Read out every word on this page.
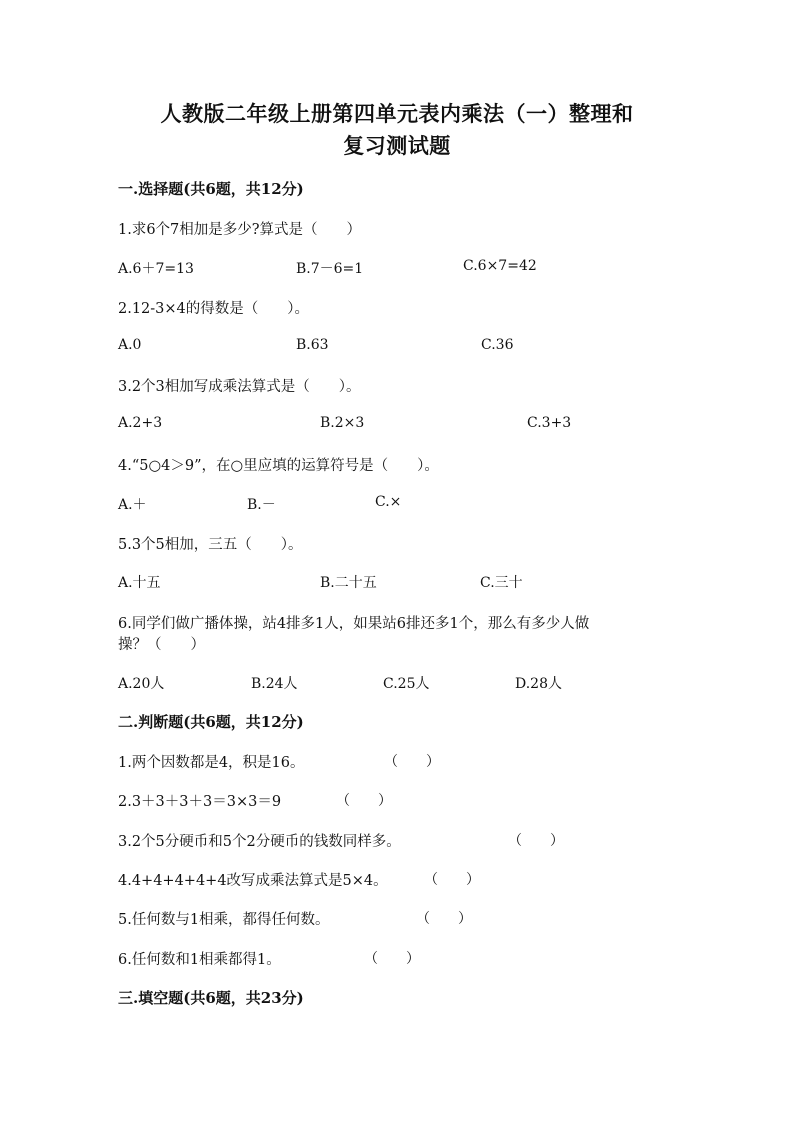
人教版二年级上册第四单元表内乘法（一）整理和
复习测试题
一.选择题(共6题，共12分)
1.求6个7相加是多少?算式是（　　）
A.6＋7=13	B.7－6=1	C.6×7=42
2.12-3×4的得数是（　　）。
A.0	B.63	C.36
3.2个3相加写成乘法算式是（　　）。
A.2+3	B.2×3	C.3+3
4.“5○4＞9”，在○里应填的运算符号是（　　）。
A.＋	B.－	C.×
5.3个5相加，三五（　　）。
A.十五	B.二十五	C.三十
6.同学们做广播体操，站4排多1人，如果站6排还多1个，那么有多少人做
操？（　　）
A.20人	B.24人	C.25人	D.28人
二.判断题(共6题，共12分)
1.两个因数都是4，积是16。	（　　）
2.3＋3＋3＋3＝3×3＝9	（　　）
3.2个5分硬币和5个2分硬币的钱数同样多。	（　　）
4.4+4+4+4+4改写成乘法算式是5×4。	（　　）
5.任何数与1相乘，都得任何数。	（　　）
6.任何数和1相乘都得1。	（　　）
三.填空题(共6题，共23分)
